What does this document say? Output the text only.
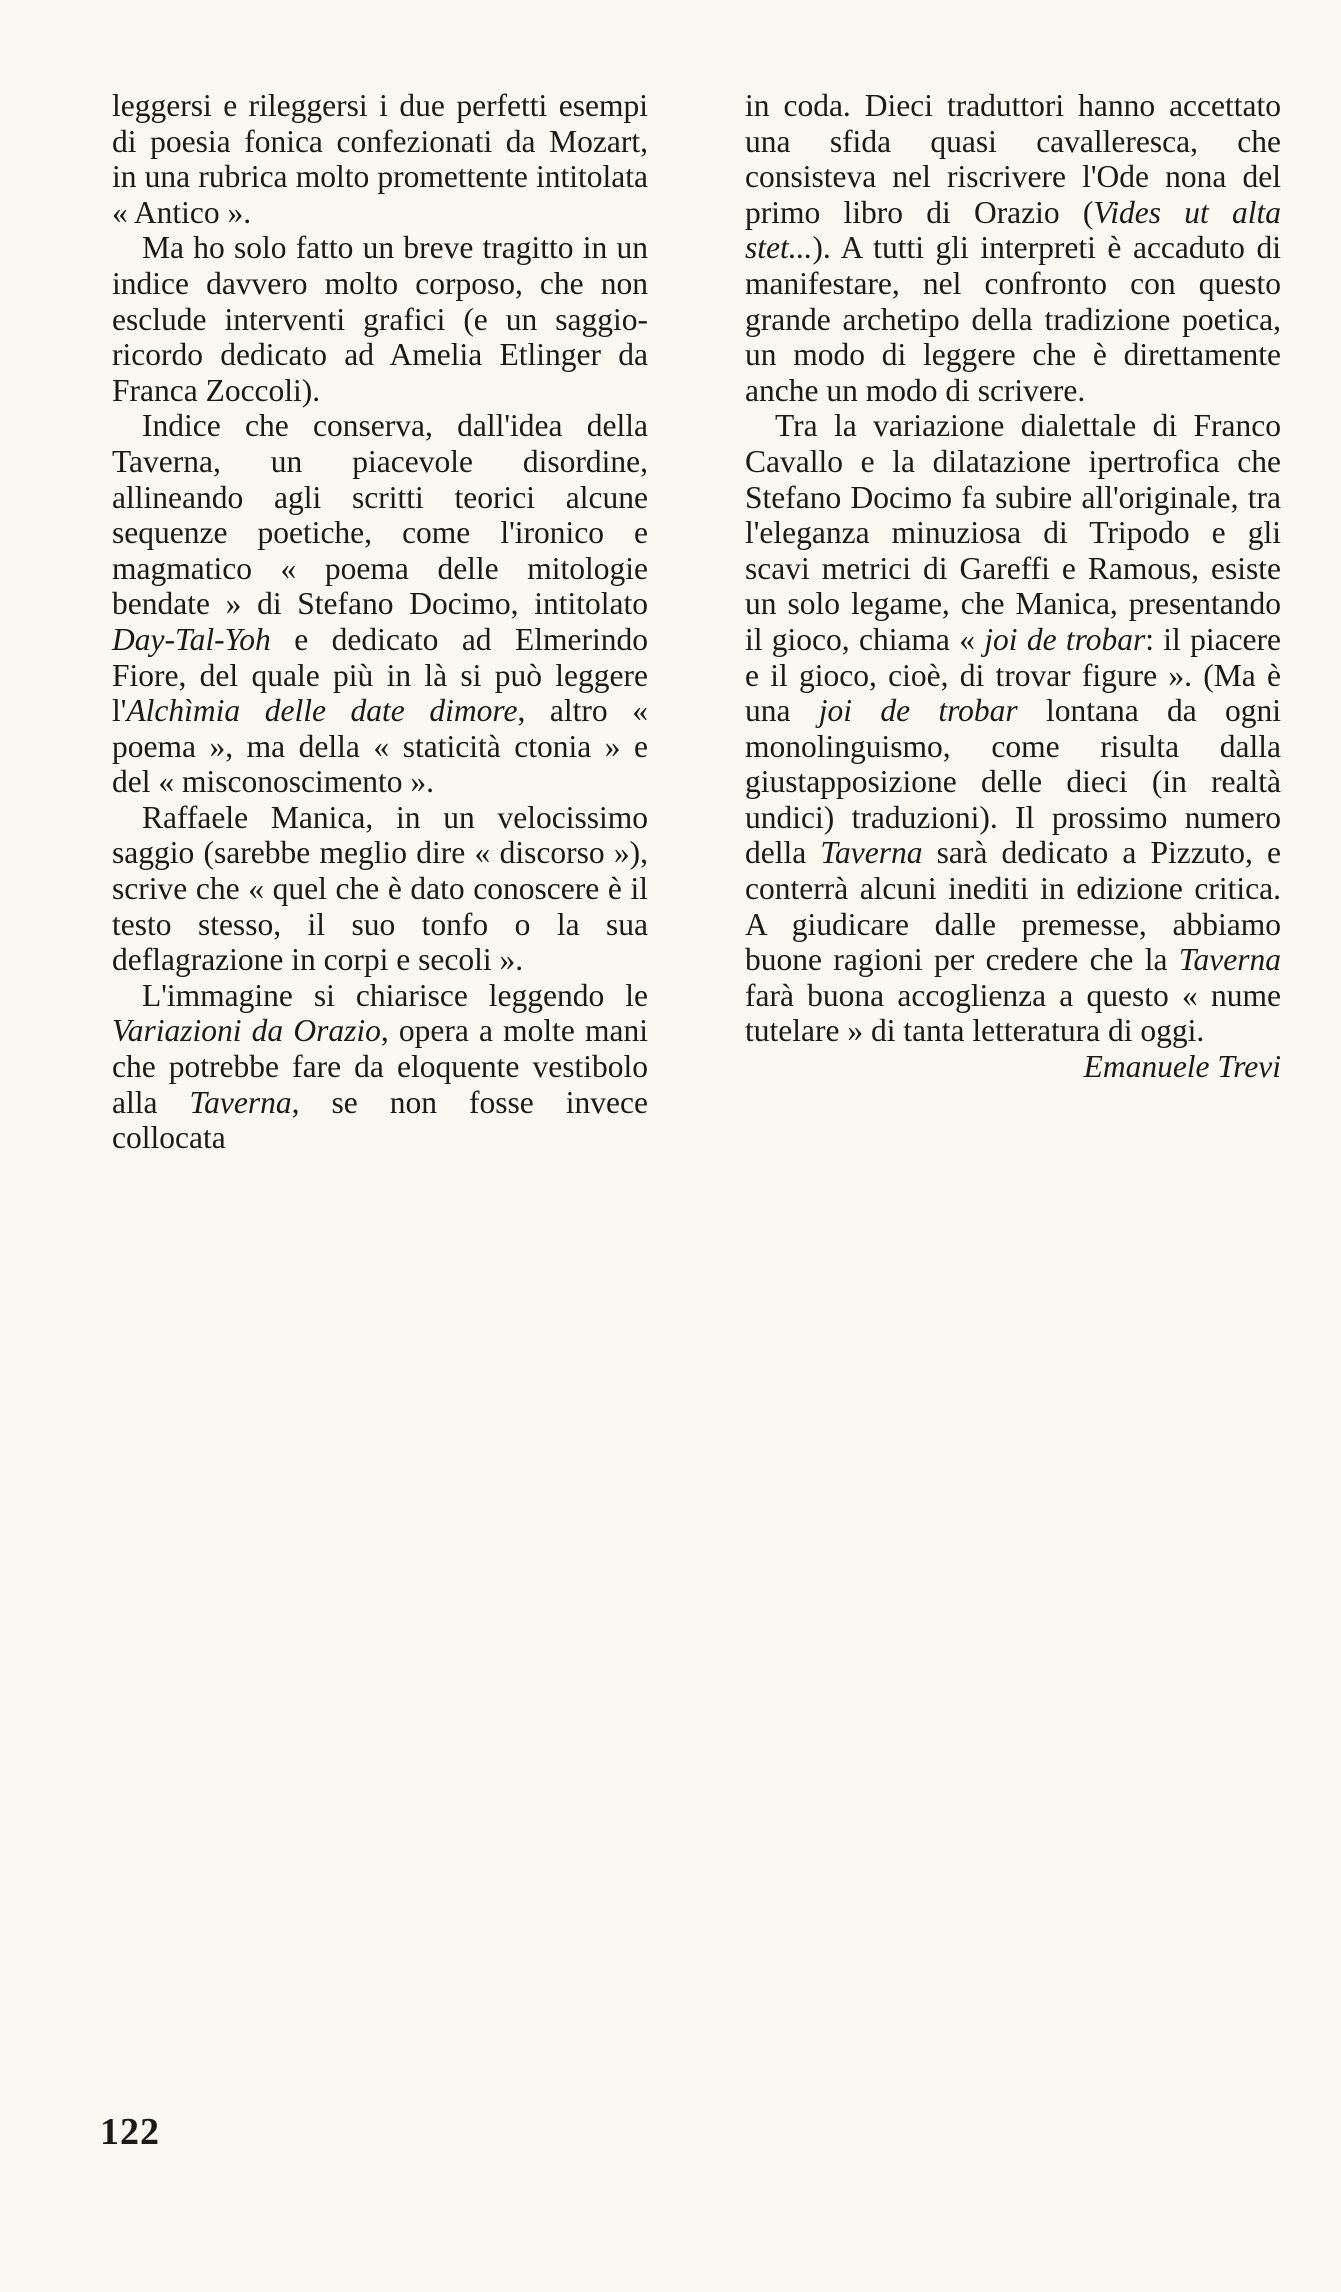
leggersi e rileggersi i due perfetti esempi di poesia fonica confezionati da Mozart, in una rubrica molto promettente intitolata « Antico ».

Ma ho solo fatto un breve tragitto in un indice davvero molto corposo, che non esclude interventi grafici (e un saggio-ricordo dedicato ad Amelia Etlinger da Franca Zoccoli).

Indice che conserva, dall'idea della Taverna, un piacevole disordine, allineando agli scritti teorici alcune sequenze poetiche, come l'ironico e magmatico « poema delle mitologie bendate » di Stefano Docimo, intitolato Day-Tal-Yoh e dedicato ad Elmerindo Fiore, del quale più in là si può leggere l'Alchìmia delle date dimore, altro « poema », ma della « staticità ctonia » e del « misconoscimento ».

Raffaele Manica, in un velocissimo saggio (sarebbe meglio dire « discorso »), scrive che « quel che è dato conoscere è il testo stesso, il suo tonfo o la sua deflagrazione in corpi e secoli ».

L'immagine si chiarisce leggendo le Variazioni da Orazio, opera a molte mani che potrebbe fare da eloquente vestibolo alla Taverna, se non fosse invece collocata

in coda. Dieci traduttori hanno accettato una sfida quasi cavalleresca, che consisteva nel riscrivere l'Ode nona del primo libro di Orazio (Vides ut alta stet...). A tutti gli interpreti è accaduto di manifestare, nel confronto con questo grande archetipo della tradizione poetica, un modo di leggere che è direttamente anche un modo di scrivere.

Tra la variazione dialettale di Franco Cavallo e la dilatazione ipertrofica che Stefano Docimo fa subire all'originale, tra l'eleganza minuziosa di Tripodo e gli scavi metrici di Gareffi e Ramous, esiste un solo legame, che Manica, presentando il gioco, chiama « joi de trobar: il piacere e il gioco, cioè, di trovar figure ». (Ma è una joi de trobar lontana da ogni monolinguismo, come risulta dalla giustapposizione delle dieci (in realtà undici) traduzioni). Il prossimo numero della Taverna sarà dedicato a Pizzuto, e conterrà alcuni inediti in edizione critica. A giudicare dalle premesse, abbiamo buone ragioni per credere che la Taverna farà buona accoglienza a questo « nume tutelare » di tanta letteratura di oggi.

Emanuele Trevi

122
